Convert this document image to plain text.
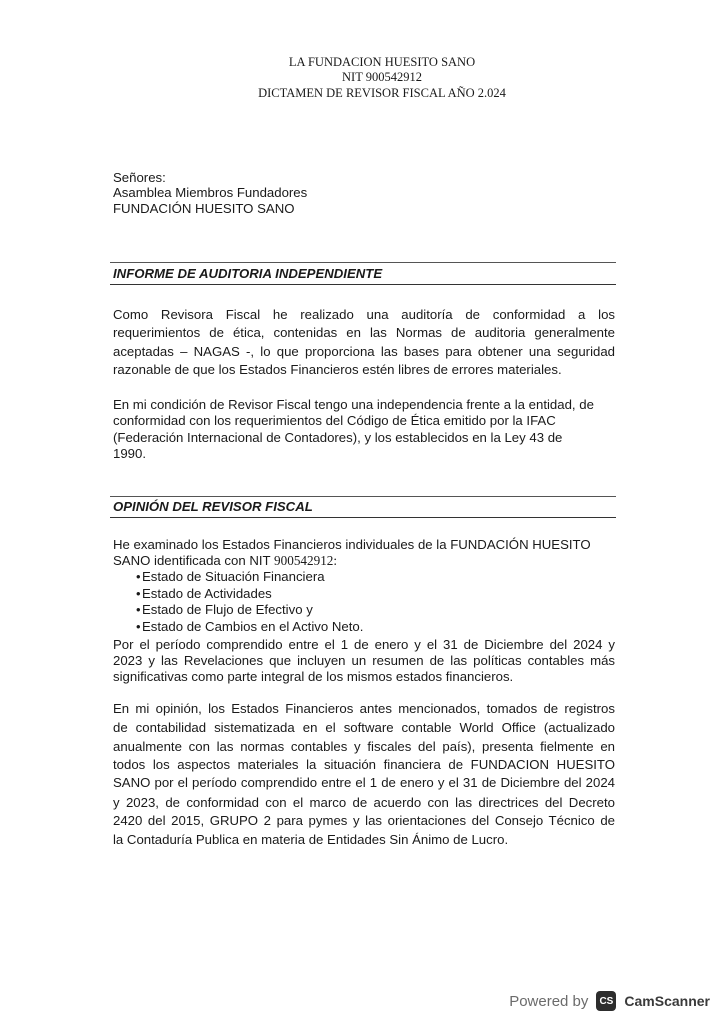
LA FUNDACION HUESITO SANO
NIT 900542912
DICTAMEN DE REVISOR FISCAL AÑO 2.024
Señores:
Asamblea Miembros Fundadores
FUNDACIÓN HUESITO SANO
INFORME DE AUDITORIA INDEPENDIENTE
Como Revisora Fiscal he realizado una auditoría de conformidad a los
requerimientos de ética, contenidas en las Normas de auditoria generalmente
aceptadas – NAGAS -, lo que proporciona las bases para obtener una seguridad
razonable de que los Estados Financieros estén libres de errores materiales.
En mi condición de Revisor Fiscal tengo una independencia frente a la entidad, de
conformidad con los requerimientos del Código de Ética emitido por la IFAC
(Federación Internacional de Contadores), y los establecidos en la Ley 43 de
1990.
OPINIÓN DEL REVISOR FISCAL
He examinado los Estados Financieros individuales de la FUNDACIÓN HUESITO
SANO identificada con NIT 900542912:
• Estado de Situación Financiera
• Estado de Actividades
• Estado de Flujo de Efectivo y
• Estado de Cambios en el Activo Neto.
Por el período comprendido entre el 1 de enero y el 31 de Diciembre del 2024 y
2023 y las Revelaciones que incluyen un resumen de las políticas contables más
significativas como parte integral de los mismos estados financieros.
En mi opinión, los Estados Financieros antes mencionados, tomados de registros
de contabilidad sistematizada en el software contable World Office (actualizado
anualmente con las normas contables y fiscales del país), presenta fielmente en
todos los aspectos materiales la situación financiera de FUNDACION HUESITO
SANO por el período comprendido entre el 1 de enero y el 31 de Diciembre del 2024
y 2023, de conformidad con el marco de acuerdo con las directrices del Decreto
2420 del 2015, GRUPO 2 para pymes y las orientaciones del Consejo Técnico de
la Contaduría Publica en materia de Entidades Sin Ánimo de Lucro.
Powered by	CS CamScanner
